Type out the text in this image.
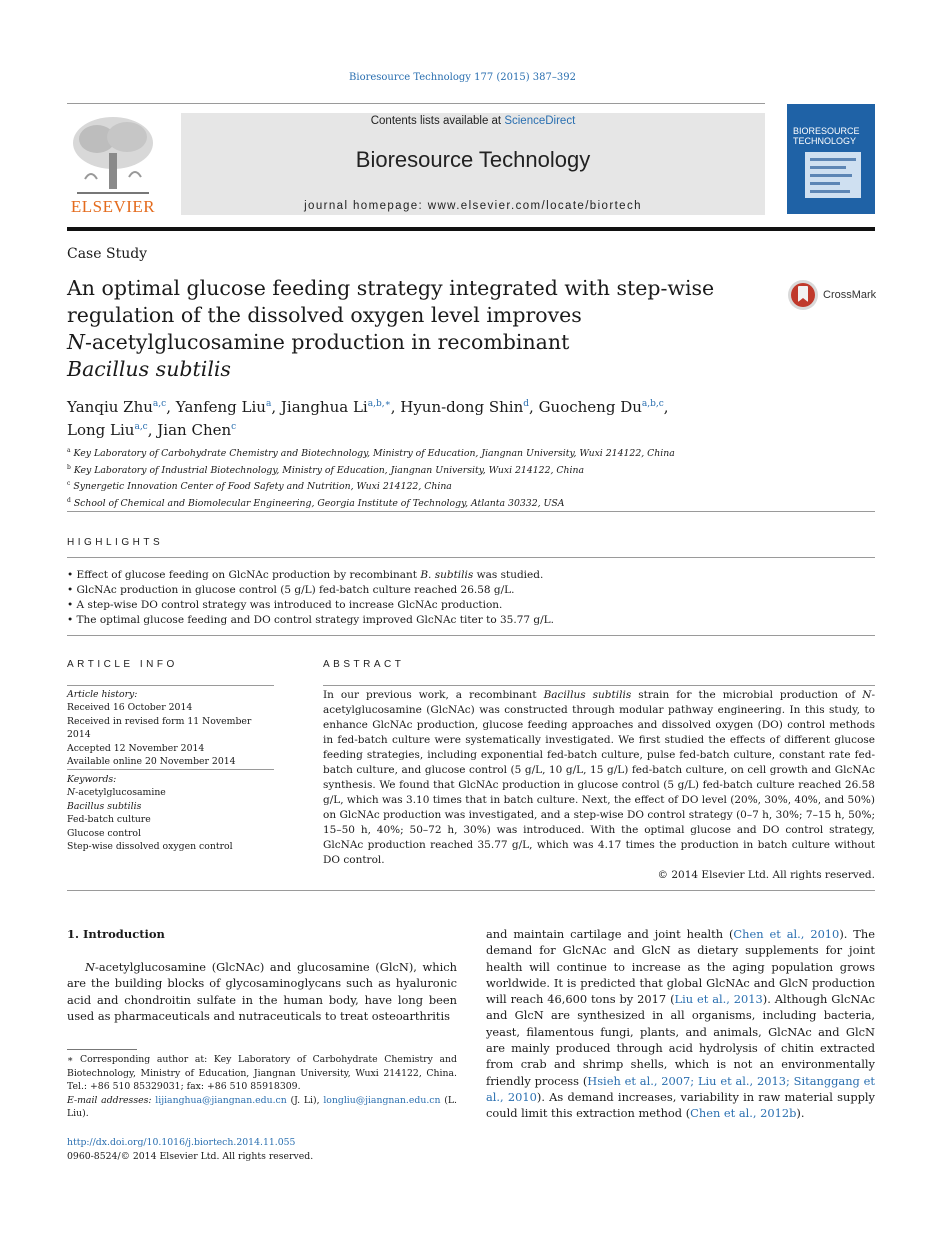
Bioresource Technology 177 (2015) 387–392
ELSEVIER
Contents lists available at ScienceDirect
Bioresource Technology
journal homepage: www.elsevier.com/locate/biortech
BIORESOURCE TECHNOLOGY
Case Study
An optimal glucose feeding strategy integrated with step-wise
regulation of the dissolved oxygen level improves
N-acetylglucosamine production in recombinant
Bacillus subtilis
CrossMark
Yanqiu Zhu$^{a,c}$, Yanfeng Liu$^a$, Jianghua $Li^{a,b,∗}$, Hyun-dong Shin$^d$, Guocheng Du$^{a,b,c}$,
Long Liu$^{a,c}$, Jian Chen$^c$
$^a$ Key Laboratory of Carbohydrate Chemistry and Biotechnology, Ministry of Education, Jiangnan University, Wuxi 214122, China
$^b$ Key Laboratory of Industrial Biotechnology, Ministry of Education, Jiangnan University, Wuxi 214122, China
$^c$ Synergetic Innovation Center of Food Safety and Nutrition, Wuxi 214122, China
$^d$ School of Chemical and Biomolecular Engineering, Georgia Institute of Technology, Atlanta 30332, USA
HIGHLIGHTS
• Effect of glucose feeding on GlcNAc production by recombinant B. subtilis was studied.
• GlcNAc production in glucose control (5 g/L) fed-batch culture reached 26.58 g/L.
• A step-wise DO control strategy was introduced to increase GlcNAc production.
• The optimal glucose feeding and DO control strategy improved GlcNAc titer to 35.77 g/L.
ARTICLE INFO
Article history:
Received 16 October 2014
Received in revised form 11 November 2014
Accepted 12 November 2014
Available online 20 November 2014
Keywords:
N-acetylglucosamine
Bacillus subtilis
Fed-batch culture
Glucose control
Step-wise dissolved oxygen control
ABSTRACT

In our previous work, a recombinant Bacillus subtilis strain for the microbial production of N-acetylglucosamine (GlcNAc) was constructed through modular pathway engineering. In this study, to enhance GlcNAc production, glucose feeding approaches and dissolved oxygen (DO) control methods in fed-batch culture were systematically investigated. We first studied the effects of different glucose feeding strategies, including exponential fed-batch culture, pulse fed-batch culture, constant rate fed-batch culture, and glucose control (5 g/L, 10 g/L, 15 g/L) fed-batch culture, on cell growth and GlcNAc synthesis. We found that GlcNAc production in glucose control (5 g/L) fed-batch culture reached 26.58 g/L, which was 3.10 times that in batch culture. Next, the effect of DO level (20%, 30%, 40%, and 50%) on GlcNAc production was investigated, and a step-wise DO control strategy (0–7 h, 30%; 7–15 h, 50%; 15–50 h, 40%; 50–72 h, 30%) was introduced. With the optimal glucose and DO control strategy, GlcNAc production reached 35.77 g/L, which was 4.17 times the production in batch culture without DO control.

© 2014 Elsevier Ltd. All rights reserved.

1. Introduction

N-acetylglucosamine (GlcNAc) and glucosamine (GlcN), which are the building blocks of glycosaminoglycans such as hyaluronic acid and chondroitin sulfate in the human body, have long been used as pharmaceuticals and nutraceuticals to treat osteoarthritis

and maintain cartilage and joint health (Chen et al., 2010). The demand for GlcNAc and GlcN as dietary supplements for joint health will continue to increase as the aging population grows worldwide. It is predicted that global GlcNAc and GlcN production will reach 46,600 tons by 2017 (Liu et al., 2013). Although GlcNAc and GlcN are synthesized in all organisms, including bacteria, yeast, filamentous fungi, plants, and animals, GlcNAc and GlcN are mainly produced through acid hydrolysis of chitin extracted from crab and shrimp shells, which is not an environmentally friendly process (Hsieh et al., 2007; Liu et al., 2013; Sitanggang et al., 2010). As demand increases, variability in raw material supply could limit this extraction method (Chen et al., 2012b).

∗ Corresponding author at: Key Laboratory of Carbohydrate Chemistry and Biotechnology, Ministry of Education, Jiangnan University, Wuxi 214122, China. Tel.: +86 510 85329031; fax: +86 510 85918309.

E-mail addresses: lijianghua@jiangnan.edu.cn (J. Li), longliu@jiangnan.edu.cn (L. Liu).

http://dx.doi.org/10.1016/j.biortech.2014.11.055
0960-8524/© 2014 Elsevier Ltd. All rights reserved.
